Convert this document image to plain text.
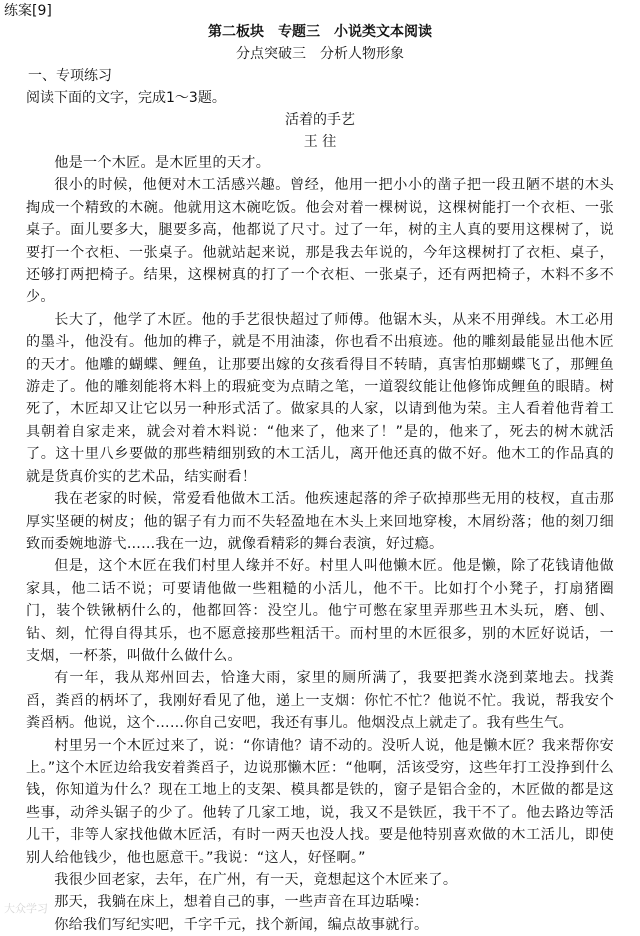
练案[9]
第二板块　专题三　小说类文本阅读
分点突破三　分析人物形象
一、专项练习
阅读下面的文字，完成1～3题。
活着的手艺
王 往

他是一个木匠。是木匠里的天才。

很小的时候，他便对木工活感兴趣。曾经，他用一把小小的凿子把一段丑陋不堪的木头掏成一个精致的木碗。他就用这木碗吃饭。他会对着一棵树说，这棵树能打一个衣柜、一张桌子。面儿要多大，腿要多高，他都说了尺寸。过了一年，树的主人真的要用这棵树了，说要打一个衣柜、一张桌子。他就站起来说，那是我去年说的，今年这棵树打了衣柜、桌子，还够打两把椅子。结果，这棵树真的打了一个衣柜、一张桌子，还有两把椅子，木料不多不少。

长大了，他学了木匠。他的手艺很快超过了师傅。他锯木头，从来不用弹线。木工必用的墨斗，他没有。他加的榫子，就是不用油漆，你也看不出痕迹。他的雕刻最能显出他木匠的天才。他雕的蝴蝶、鲤鱼，让那要出嫁的女孩看得目不转睛，真害怕那蝴蝶飞了，那鲤鱼游走了。他的雕刻能将木料上的瑕疵变为点睛之笔，一道裂纹能让他修饰成鲤鱼的眼睛。树死了，木匠却又让它以另一种形式活了。做家具的人家，以请到他为荣。主人看着他背着工具朝着自家走来，就会对着木料说：“他来了，他来了！”是的，他来了，死去的树木就活了。这十里八乡要做的那些精细别致的木工活儿，离开他还真的做不好。他木工的作品真的就是货真价实的艺术品，结实耐看！

我在老家的时候，常爱看他做木工活。他疾速起落的斧子砍掉那些无用的枝杈，直击那厚实坚硬的树皮；他的锯子有力而不失轻盈地在木头上来回地穿梭，木屑纷落；他的刻刀细致而委婉地游弋……我在一边，就像看精彩的舞台表演，好过瘾。

但是，这个木匠在我们村里人缘并不好。村里人叫他懒木匠。他是懒，除了花钱请他做家具，他二话不说；可要请他做一些粗糙的小活儿，他不干。比如打个小凳子，打扇猪圈门，装个铁锹柄什么的，他都回答：没空儿。他宁可憋在家里弄那些丑木头玩，磨、刨、钻、刻，忙得自得其乐，也不愿意接那些粗活干。而村里的木匠很多，别的木匠好说话，一支烟，一杯茶，叫做什么做什么。

有一年，我从郑州回去，恰逢大雨，家里的厕所满了，我要把粪水浇到菜地去。找粪舀，粪舀的柄坏了，我刚好看见了他，递上一支烟：你忙不忙？他说不忙。我说，帮我安个粪舀柄。他说，这个……你自己安吧，我还有事儿。他烟没点上就走了。我有些生气。

村里另一个木匠过来了，说：“你请他？请不动的。没听人说，他是懒木匠？我来帮你安上。”这个木匠边给我安着粪舀子，边说那懒木匠：“他啊，活该受穷，这些年打工没挣到什么钱，你知道为什么？现在工地上的支架、模具都是铁的，窗子是铝合金的，木匠做的都是这些事，动斧头锯子的少了。他转了几家工地，说，我又不是铁匠，我干不了。他去路边等活儿干，非等人家找他做木匠活，有时一两天也没人找。要是他特别喜欢做的木工活儿，即使别人给他钱少，他也愿意干。”我说：“这人，好怪啊。”

我很少回老家，去年，在广州，有一天，竟想起这个木匠来了。

那天，我躺在床上，想着自己的事，一些声音在耳边聒噪：

你给我们写纪实吧，千字千元，找个新闻，编点故事就行。

大众学习
